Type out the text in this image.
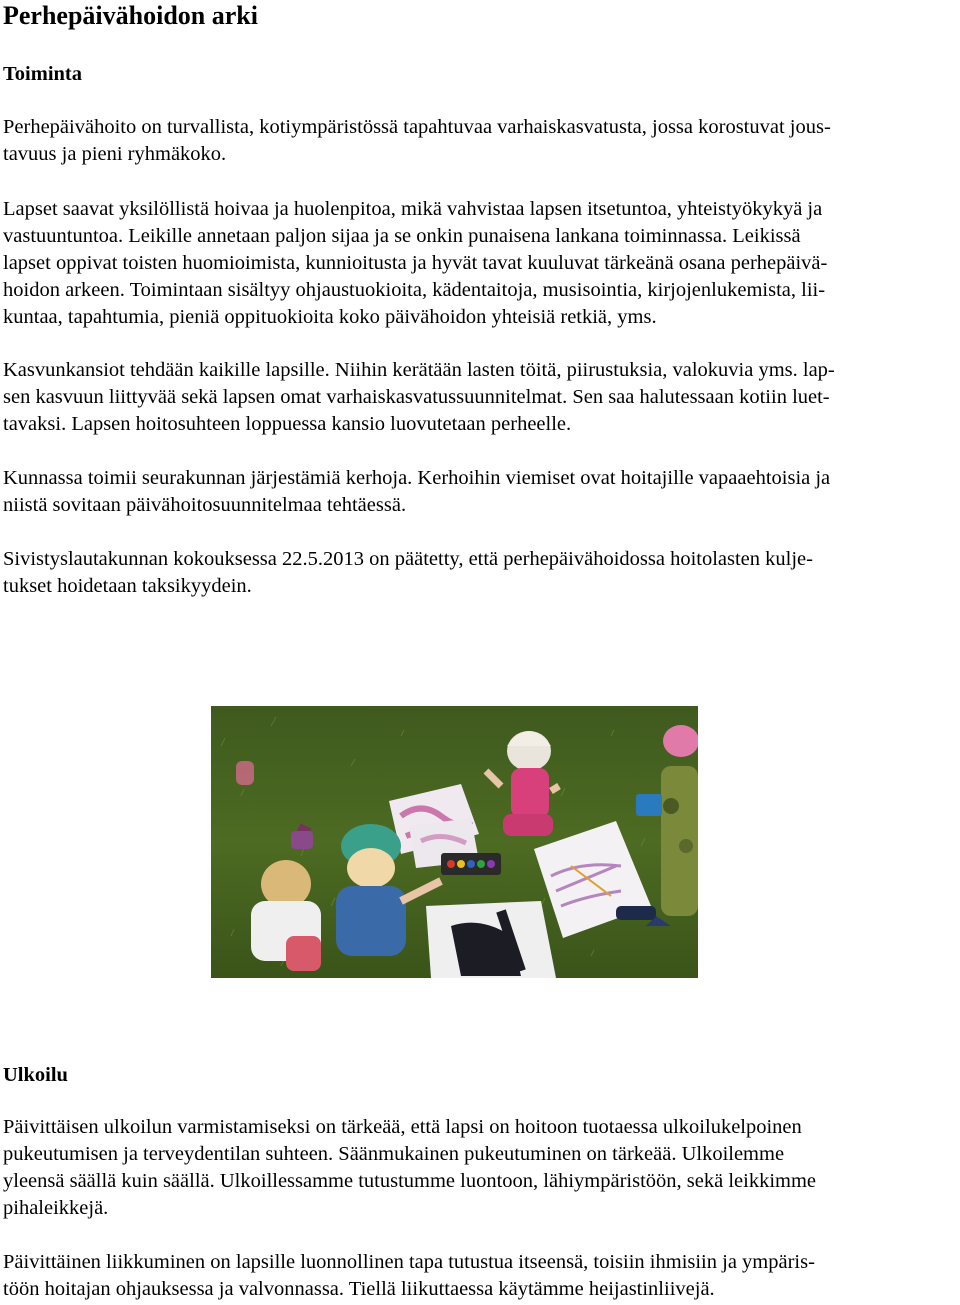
Perhepäivähoidon arki
Toiminta

Perhepäivähoito on turvallista, kotiympäristössä tapahtuvaa varhaiskasvatusta, jossa korostuvat jous-
tavuus ja pieni ryhmäkoko.

Lapset saavat yksilöllistä hoivaa ja huolenpitoa, mikä vahvistaa lapsen itsetuntoa, yhteistyökykyä ja
vastuuntuntoa. Leikille annetaan paljon sijaa ja se onkin punaisena lankana toiminnassa. Leikissä
lapset oppivat toisten huomioimista, kunnioitusta ja hyvät tavat kuuluvat tärkeänä osana perhepäivä-
hoidon arkeen. Toimintaan sisältyy ohjaustuokioita, kädentaitoja, musisointia, kirjojenlukemista, lii-
kuntaa, tapahtumia, pieniä oppituokioita koko päivähoidon yhteisiä retkiä, yms.

Kasvunkansiot tehdään kaikille lapsille. Niihin kerätään lasten töitä, piirustuksia, valokuvia yms. lap-
sen kasvuun liittyvää sekä lapsen omat varhaiskasvatussuunnitelmat. Sen saa halutessaan kotiin luet-
tavaksi. Lapsen hoitosuhteen loppuessa kansio luovutetaan perheelle.

Kunnassa toimii seurakunnan järjestämiä kerhoja. Kerhoihin viemiset ovat hoitajille vapaaehtoisia ja
niistä sovitaan päivähoitosuunnitelmaa tehtäessä.

Sivistyslautakunnan kokouksessa 22.5.2013 on päätetty, että perhepäivähoidossa hoitolasten kulje-
tukset hoidetaan taksikyydein.

Ulkoilu

Päivittäisen ulkoilun varmistamiseksi on tärkeää, että lapsi on hoitoon tuotaessa ulkoilukelpoinen
pukeutumisen ja terveydentilan suhteen. Säänmukainen pukeutuminen on tärkeää. Ulkoilemme
yleensä säällä kuin säällä. Ulkoillessamme tutustumme luontoon, lähiympäristöön, sekä leikkimme
pihaleikkejä.

Päivittäinen liikkuminen on lapsille luonnollinen tapa tutustua itseensä, toisiin ihmisiin ja ympäris-
töön hoitajan ohjauksessa ja valvonnassa. Tiellä liikuttaessa käytämme heijastinliivejä.
